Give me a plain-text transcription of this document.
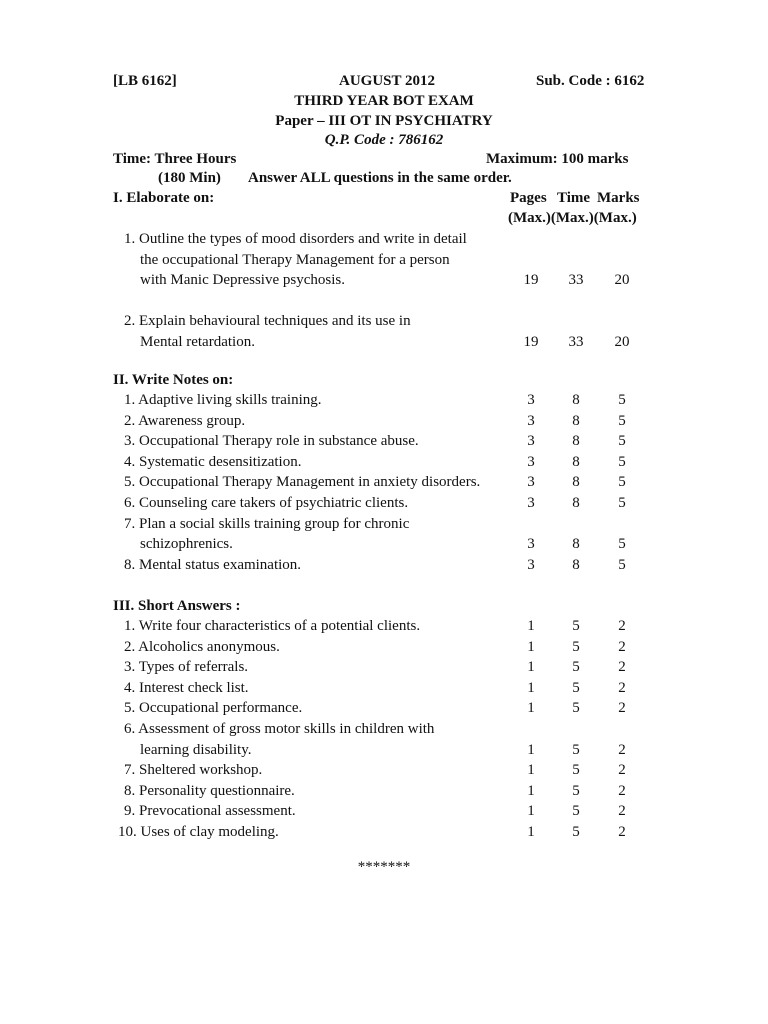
[LB 6162]	AUGUST 2012	Sub. Code : 6162
THIRD YEAR BOT EXAM
Paper – III OT IN PSYCHIATRY
Q.P. Code : 786162
Time: Three Hours	Maximum: 100 marks
(180 Min) Answer ALL questions in the same order.
I. Elaborate on:	Pages Time Marks
(Max.)(Max.)(Max.)
1. Outline the types of mood disorders and write in detail
the occupational Therapy Management for a person
with Manic Depressive psychosis.	19	33	20
2. Explain behavioural techniques and its use in
Mental retardation.	19	33	20
II. Write Notes on:
1. Adaptive living skills training.	3	8	5
2. Awareness group.	3	8	5
3. Occupational Therapy role in substance abuse.	3	8	5
4. Systematic desensitization.	3	8	5
5. Occupational Therapy Management in anxiety disorders.	3	8	5
6. Counseling care takers of psychiatric clients.	3	8	5
7. Plan a social skills training group for chronic
schizophrenics.	3	8	5
8. Mental status examination.	3	8	5
III. Short Answers :
1. Write four characteristics of a potential clients.	1	5	2
2. Alcoholics anonymous.	1	5	2
3. Types of referrals.	1	5	2
4. Interest check list.	1	5	2
5. Occupational performance.	1	5	2
6. Assessment of gross motor skills in children with
learning disability.	1	5	2
7. Sheltered workshop.	1	5	2
8. Personality questionnaire.	1	5	2
9. Prevocational assessment.	1	5	2
10. Uses of clay modeling.	1	5	2
*******
